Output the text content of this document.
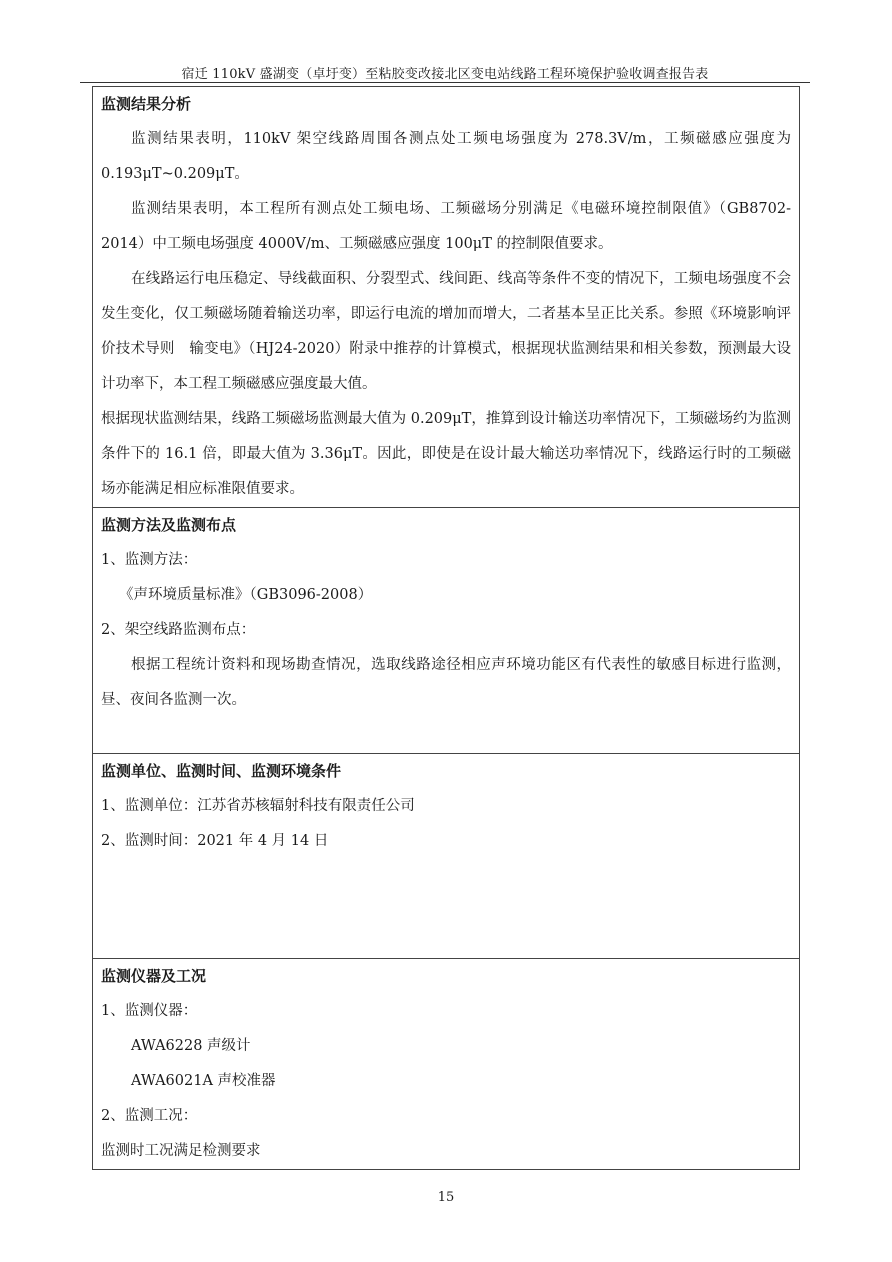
宿迁 110kV 盛湖变（卓圩变）至粘胶变改接北区变电站线路工程环境保护验收调查报告表

监测结果分析

监测结果表明，110kV 架空线路周围各测点处工频电场强度为 278.3V/m，工频磁感应强度为 0.193μT~0.209μT。

监测结果表明，本工程所有测点处工频电场、工频磁场分别满足《电磁环境控制限值》（GB8702-2014）中工频电场强度 4000V/m、工频磁感应强度 100μT 的控制限值要求。

在线路运行电压稳定、导线截面积、分裂型式、线间距、线高等条件不变的情况下，工频电场强度不会发生变化，仅工频磁场随着输送功率，即运行电流的增加而增大，二者基本呈正比关系。参照《环境影响评价技术导则　输变电》（HJ24-2020）附录中推荐的计算模式，根据现状监测结果和相关参数，预测最大设计功率下，本工程工频磁感应强度最大值。

根据现状监测结果，线路工频磁场监测最大值为 0.209μT，推算到设计输送功率情况下，工频磁场约为监测条件下的 16.1 倍，即最大值为 3.36μT。因此，即使是在设计最大输送功率情况下，线路运行时的工频磁场亦能满足相应标准限值要求。

监测方法及监测布点

1、监测方法：

《声环境质量标准》（GB3096-2008）

2、架空线路监测布点：

根据工程统计资料和现场勘查情况，选取线路途径相应声环境功能区有代表性的敏感目标进行监测，昼、夜间各监测一次。

监测单位、监测时间、监测环境条件

1、监测单位：江苏省苏核辐射科技有限责任公司

2、监测时间：2021 年 4 月 14 日

监测仪器及工况

1、监测仪器：

AWA6228 声级计

AWA6021A 声校准器

2、监测工况：

监测时工况满足检测要求

15
